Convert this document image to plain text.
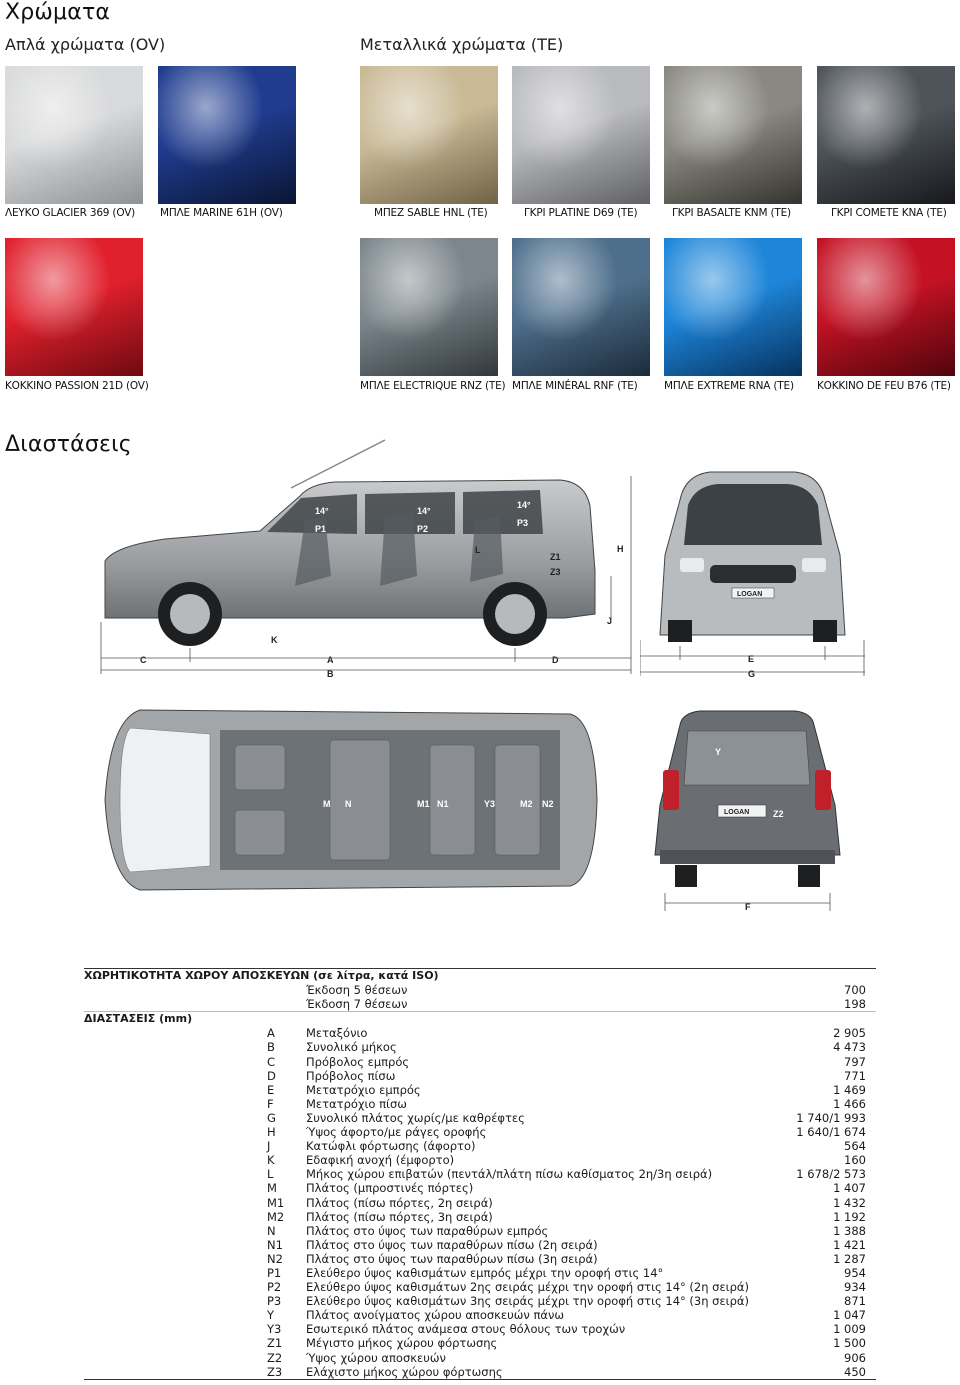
Χρώματα
Απλά χρώματα (OV)	Μεταλλικά χρώματα (TE)
ΛΕΥΚΟ GLACIER 369 (OV) ΜΠΛΕ MARINE 61H (OV)	ΜΠΕΖ SABLE HNL (TE)	ΓΚΡΙ PLATINE D69 (TE)	ΓΚΡΙ BASALTE KNM (TE)	ΓΚΡΙ COMETE KNA (TE)
ΚΟΚΚΙΝΟ PASSION 21D (OV)	ΜΠΛΕ ELECTRIQUE RNZ (TE) ΜΠΛΕ MINÉRAL RNF (TE)	ΜΠΛΕ EXTREME RNA (TE) ΚΟΚΚΙΝΟ DE FEU B76 (TE)
Διαστάσεις
14°
P1
14°
P2
14°
P3
L
Z1
Z3
H
J
K
C	A
B
D
LOGAN
E
G
M N	M1 N1	Y3	M2 N2
LOGAN
Y
Z2
F
ΧΩΡΗΤΙΚΟΤΗΤΑ ΧΩΡΟΥ ΑΠΟΣΚΕΥΩΝ (σε λίτρα, κατά ISO)
Έκδοση 5 θέσεων	700
Έκδοση 7 θέσεων	198
ΔΙΑΣΤΑΣΕΙΣ (mm)
A	Μεταξόνιο	2 905
B	Συνολικό μήκος	4 473
C	Πρόβολος εμπρός	797
D	Πρόβολος πίσω	771
E	Μετατρόχιο εμπρός	1 469
F	Μετατρόχιο πίσω	1 466
G	Συνολικό πλάτος χωρίς/με καθρέφτες	1 740/1 993
H	Ύψος άφορτο/με ράγες οροφής	1 640/1 674
J	Κατώφλι φόρτωσης (άφορτο)	564
K	Εδαφική ανοχή (έμφορτο)	160
L	Μήκος χώρου επιβατών (πεντάλ/πλάτη πίσω καθίσματος 2η/3η σειρά)	1 678/2 573
M	Πλάτος (μπροστινές πόρτες)	1 407
M1 Πλάτος (πίσω πόρτες, 2η σειρά)	1 432
M2 Πλάτος (πίσω πόρτες, 3η σειρά)	1 192
N	Πλάτος στο ύψος των παραθύρων εμπρός	1 388
N1 Πλάτος στο ύψος των παραθύρων πίσω (2η σειρά)	1 421
N2 Πλάτος στο ύψος των παραθύρων πίσω (3η σειρά)	1 287
P1 Ελεύθερο ύψος καθισμάτων εμπρός μέχρι την οροφή στις 14°	954
P2 Ελεύθερο ύψος καθισμάτων 2ης σειράς μέχρι την οροφή στις 14° (2η σειρά)	934
P3 Ελεύθερο ύψος καθισμάτων 3ης σειράς μέχρι την οροφή στις 14° (3η σειρά)	871
Y	Πλάτος ανοίγματος χώρου αποσκευών πάνω	1 047
Y3 Εσωτερικό πλάτος ανάμεσα στους θόλους των τροχών	1 009
Z1 Μέγιστο μήκος χώρου φόρτωσης	1 500
Z2 Ύψος χώρου αποσκευών	906
Z3 Ελάχιστο μήκος χώρου φόρτωσης	450
